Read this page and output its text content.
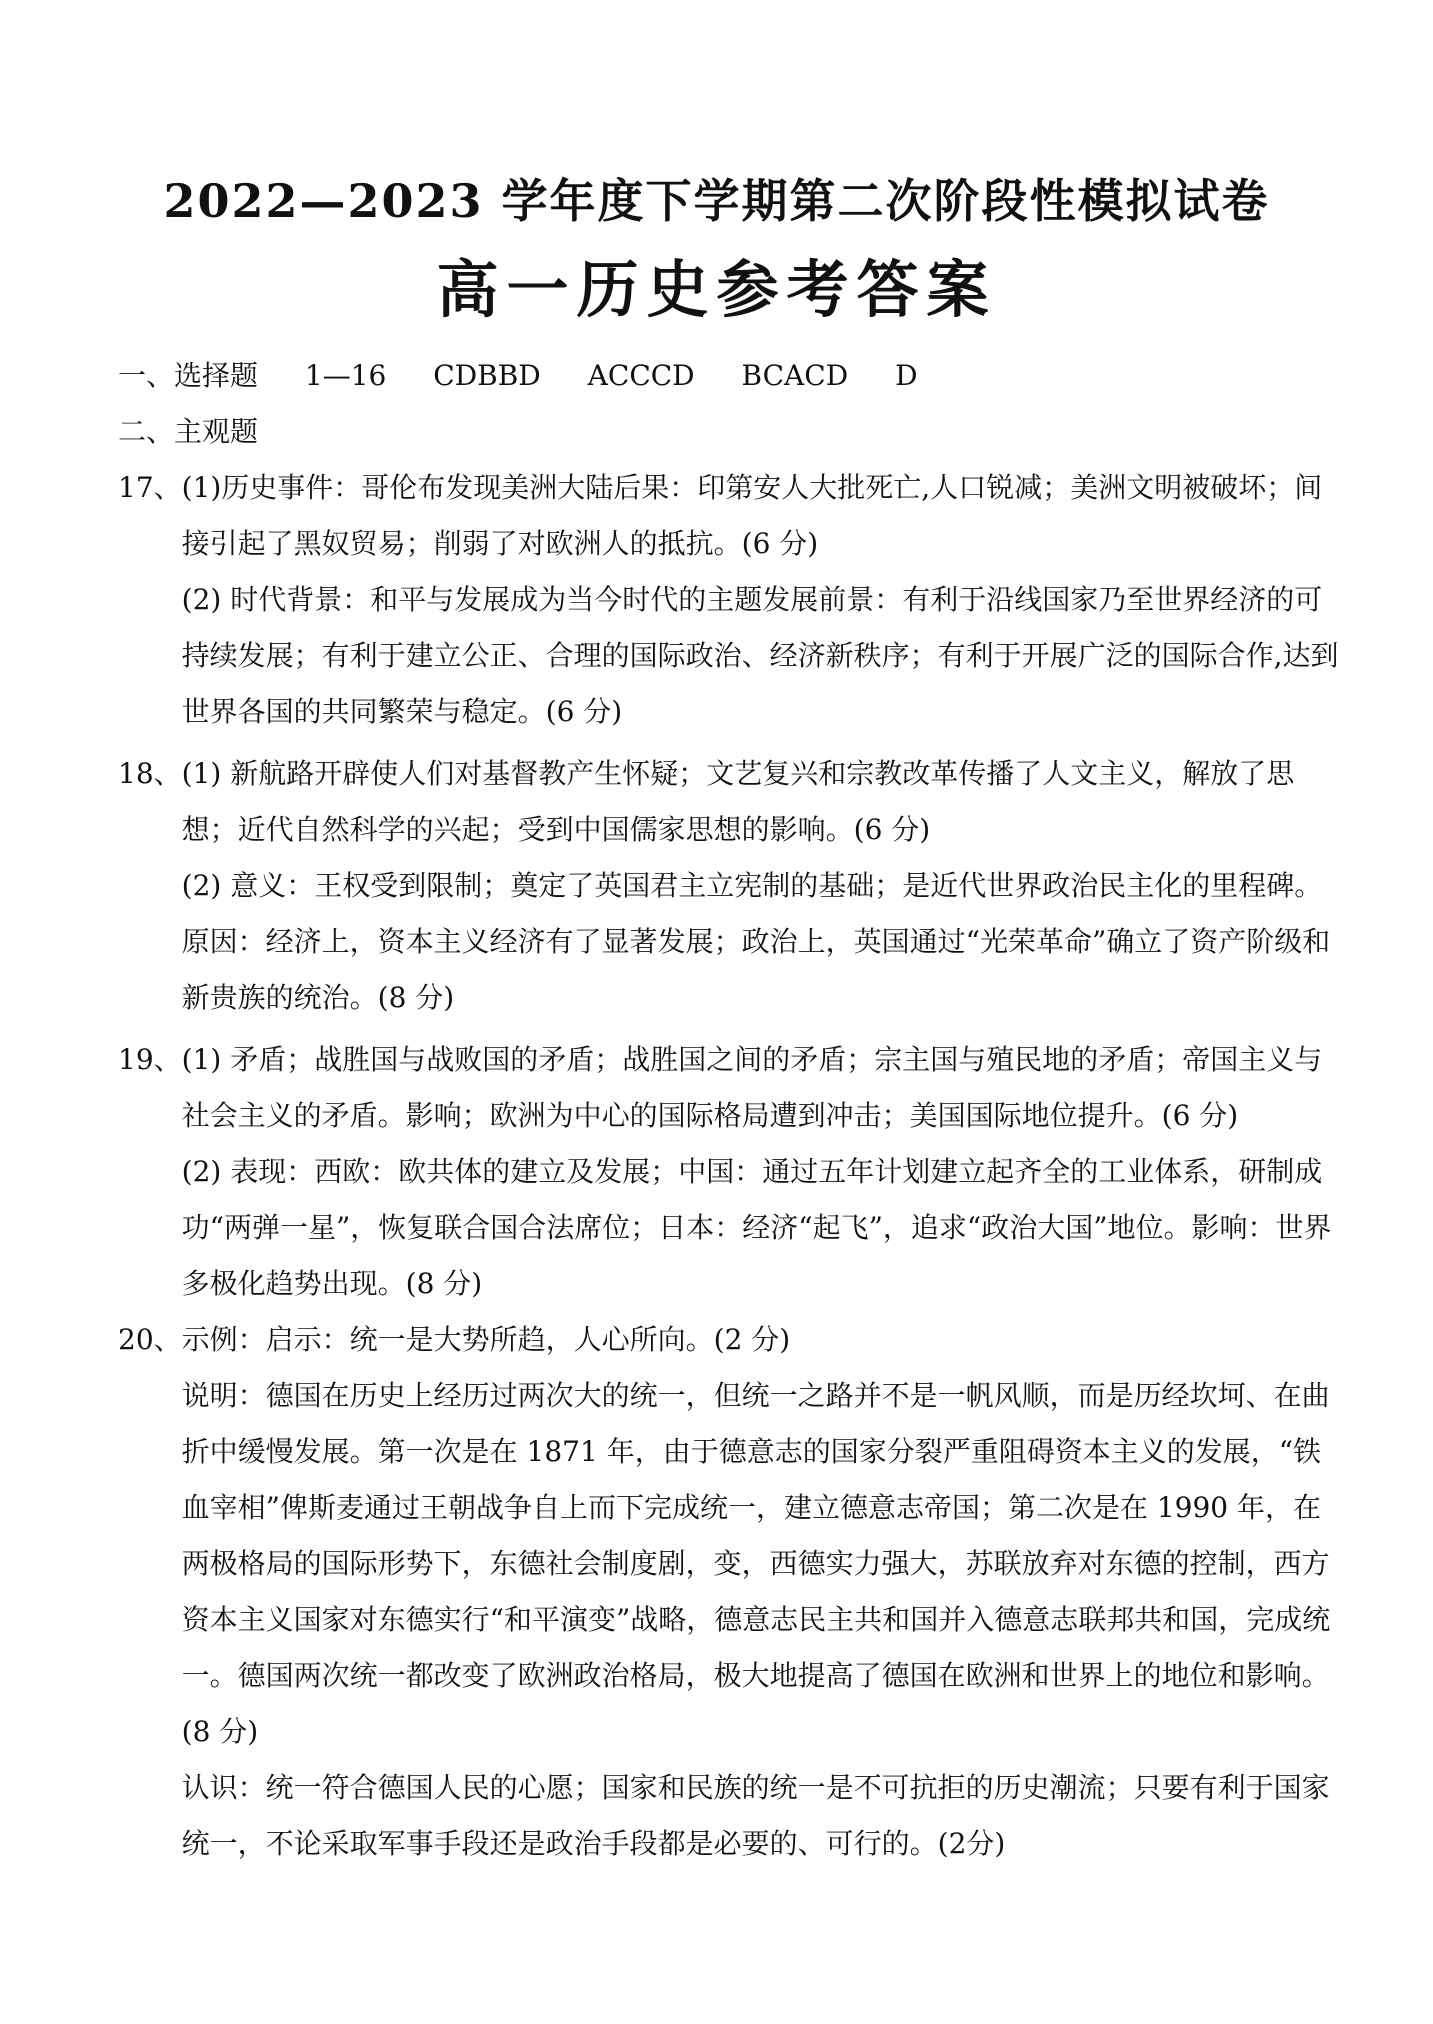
2022—2023 学年度下学期第二次阶段性模拟试卷
高一历史参考答案
一、选择题 1—16 CDBBD ACCCD BCACD D
二、主观题
17、 (1)历史事件：哥伦布发现美洲大陆后果：印第安人大批死亡,人口锐减；美洲文明被破坏；间接引起了黑奴贸易；削弱了对欧洲人的抵抗。(6 分)
(2) 时代背景：和平与发展成为当今时代的主题发展前景：有利于沿线国家乃至世界经济的可持续发展；有利于建立公正、合理的国际政治、经济新秩序；有利于开展广泛的国际合作,达到世界各国的共同繁荣与稳定。(6 分)
18、 (1) 新航路开辟使人们对基督教产生怀疑；文艺复兴和宗教改革传播了人文主义，解放了思想；近代自然科学的兴起；受到中国儒家思想的影响。(6 分)
(2) 意义：王权受到限制；奠定了英国君主立宪制的基础；是近代世界政治民主化的里程碑。原因：经济上，资本主义经济有了显著发展；政治上，英国通过“光荣革命”确立了资产阶级和新贵族的统治。(8 分)
19、 (1) 矛盾；战胜国与战败国的矛盾；战胜国之间的矛盾；宗主国与殖民地的矛盾；帝国主义与社会主义的矛盾。影响；欧洲为中心的国际格局遭到冲击；美国国际地位提升。(6 分)
(2) 表现：西欧：欧共体的建立及发展；中国：通过五年计划建立起齐全的工业体系，研制成功“两弹一星”，恢复联合国合法席位；日本：经济“起飞”，追求“政治大国”地位。影响：世界多极化趋势出现。(8 分)
20、 示例：启示：统一是大势所趋，人心所向。(2 分)
说明：德国在历史上经历过两次大的统一，但统一之路并不是一帆风顺，而是历经坎坷、在曲折中缓慢发展。第一次是在 1871 年，由于德意志的国家分裂严重阻碍资本主义的发展，“铁血宰相”俾斯麦通过王朝战争自上而下完成统一，建立德意志帝国；第二次是在 1990 年，在两极格局的国际形势下，东德社会制度剧，变，西德实力强大，苏联放弃对东德的控制，西方资本主义国家对东德实行“和平演变”战略，德意志民主共和国并入德意志联邦共和国，完成统一。德国两次统一都改变了欧洲政治格局，极大地提高了德国在欧洲和世界上的地位和影响。(8 分)
认识：统一符合德国人民的心愿；国家和民族的统一是不可抗拒的历史潮流；只要有利于国家统一，不论采取军事手段还是政治手段都是必要的、可行的。(2分)
